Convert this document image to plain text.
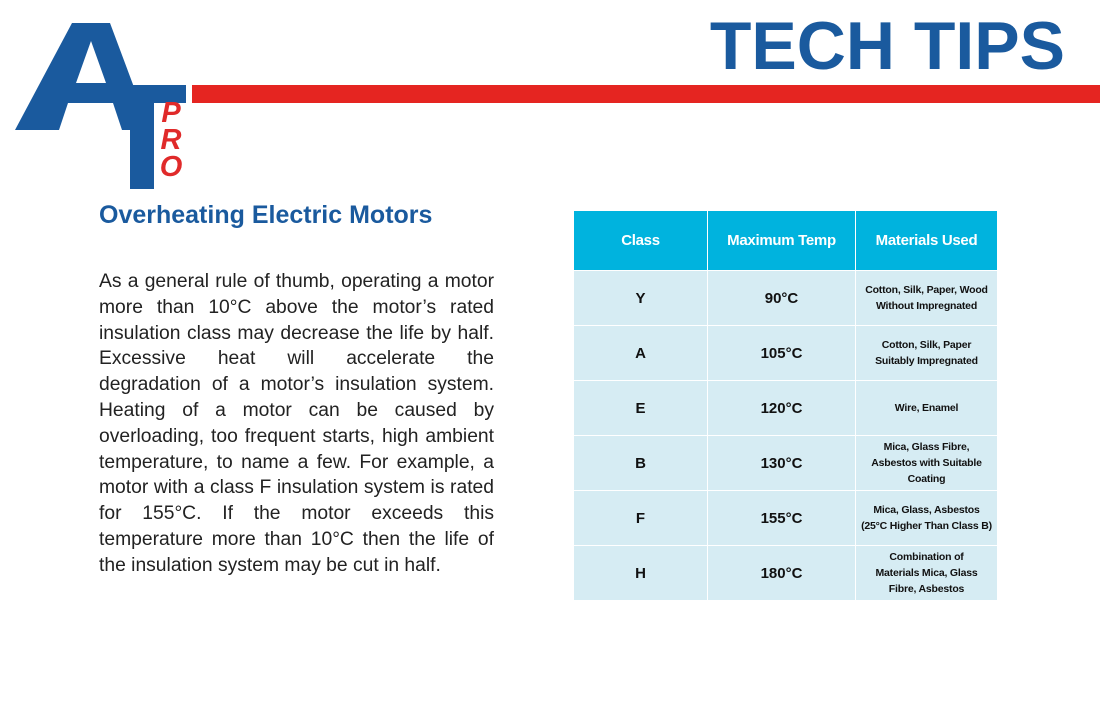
P
R
O
TECH TIPS
Overheating Electric Motors
As a general rule of thumb, operating a motor more than 10°C above the motor’s rated insulation class may decrease the life by half. Excessive heat will accelerate the degradation of a motor’s insulation system. Heating of a motor can be caused by overloading, too frequent starts, high ambient temperature, to name a few. For example, a motor with a class F insulation system is rated for 155°C. If the motor exceeds this temperature more than 10°C then the life of the insulation system may be cut in half.
Class	Maximum Temp	Materials Used
Y	90°C	Cotton, Silk, Paper, Wood
Without Impregnated

A	105°C	Cotton, Silk, Paper
Suitably Impregnated

E	120°C	Wire, Enamel

B	130°C	Mica, Glass Fibre,
Asbestos with Suitable
Coating

F	155°C	Mica, Glass, Asbestos
(25°C Higher Than Class B)

H	180°C	Combination of
Materials Mica, Glass
Fibre, Asbestos
